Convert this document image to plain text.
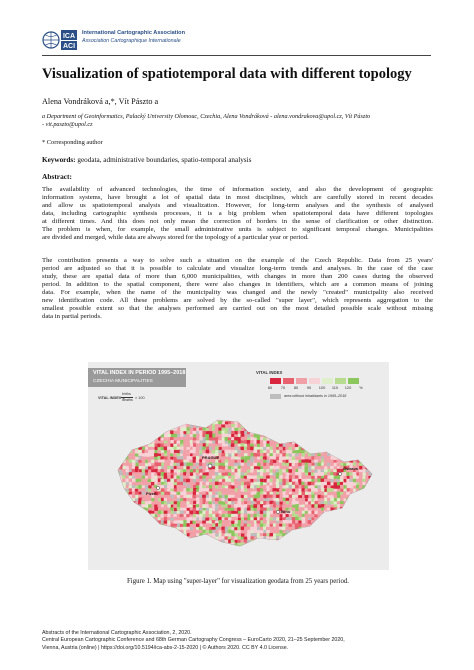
ICA
ACI
International Cartographic Association
Association Cartographique Internationale
Visualization of spatiotemporal data with different topology
Alena Vondráková a,*, Vít Pászto a
a Department of Geoinformatics, Palacký University Olomouc, Czechia, Alena Vondráková - alena.vondrakova@upol.cz, Vít Pászto
- vit.paszto@upol.cz
* Corresponding author
Keywords: geodata, administrative boundaries, spatio-temporal analysis
Abstract:
The availability of advanced technologies, the time of information society, and also the development of geographic
information systems, have brought a lot of spatial data in most disciplines, which are carefully stored in recent decades
and allow us spatiotemporal analysis and visualization. However, for long-term analyses and the synthesis of analysed
data, including cartographic synthesis processes, it is a big problem when spatiotemporal data have different topologies
at different times. And this does not only mean the correction of borders in the sense of clarification or other distinction.
The problem is when, for example, the small administrative units is subject to significant temporal changes. Municipalities
are divided and merged, while data are always stored for the topology of a particular year or period.
The contribution presents a way to solve such a situation on the example of the Czech Republic. Data from 25 years'
period are adjusted so that it is possible to calculate and visualize long-term trends and analyses. In the case of the case
study, these are spatial data of more than 6,000 municipalities, with changes in more than 200 cases during the observed
period. In addition to the spatial component, there were also changes in identifiers, which are a common means of joining
data. For example, when the name of the municipality was changed and the newly "created" municipality also received
new identification code. All these problems are solved by the so-called "super layer", which represents aggregation to the
smallest possible extent so that the analyses performed are carried out on the most detailed possible scale without missing
data in partial periods.
VITAL INDEX IN PERIOD 1995–2018
CZECHIA MUNICIPALITIES
VITAL INDEX =
births
deaths × 100
VITAL INDEX
60	70	80	90	100	110	120	%
area without inhabitants in 1995–2018
PRAGUE
Ostrava
Brno
Plzeň
Figure 1. Map using "super-layer" for visualization geodata from 25 years period.
Abstracts of the International Cartographic Association, 2, 2020.
Central European Cartographic Conference and 68th German Cartography Congress – EuroCarto 2020, 21–25 September 2020,
Vienna, Austria (online) | https://doi.org/10.5194/ica-abs-2-15-2020 | © Authors 2020. CC BY 4.0 License.
